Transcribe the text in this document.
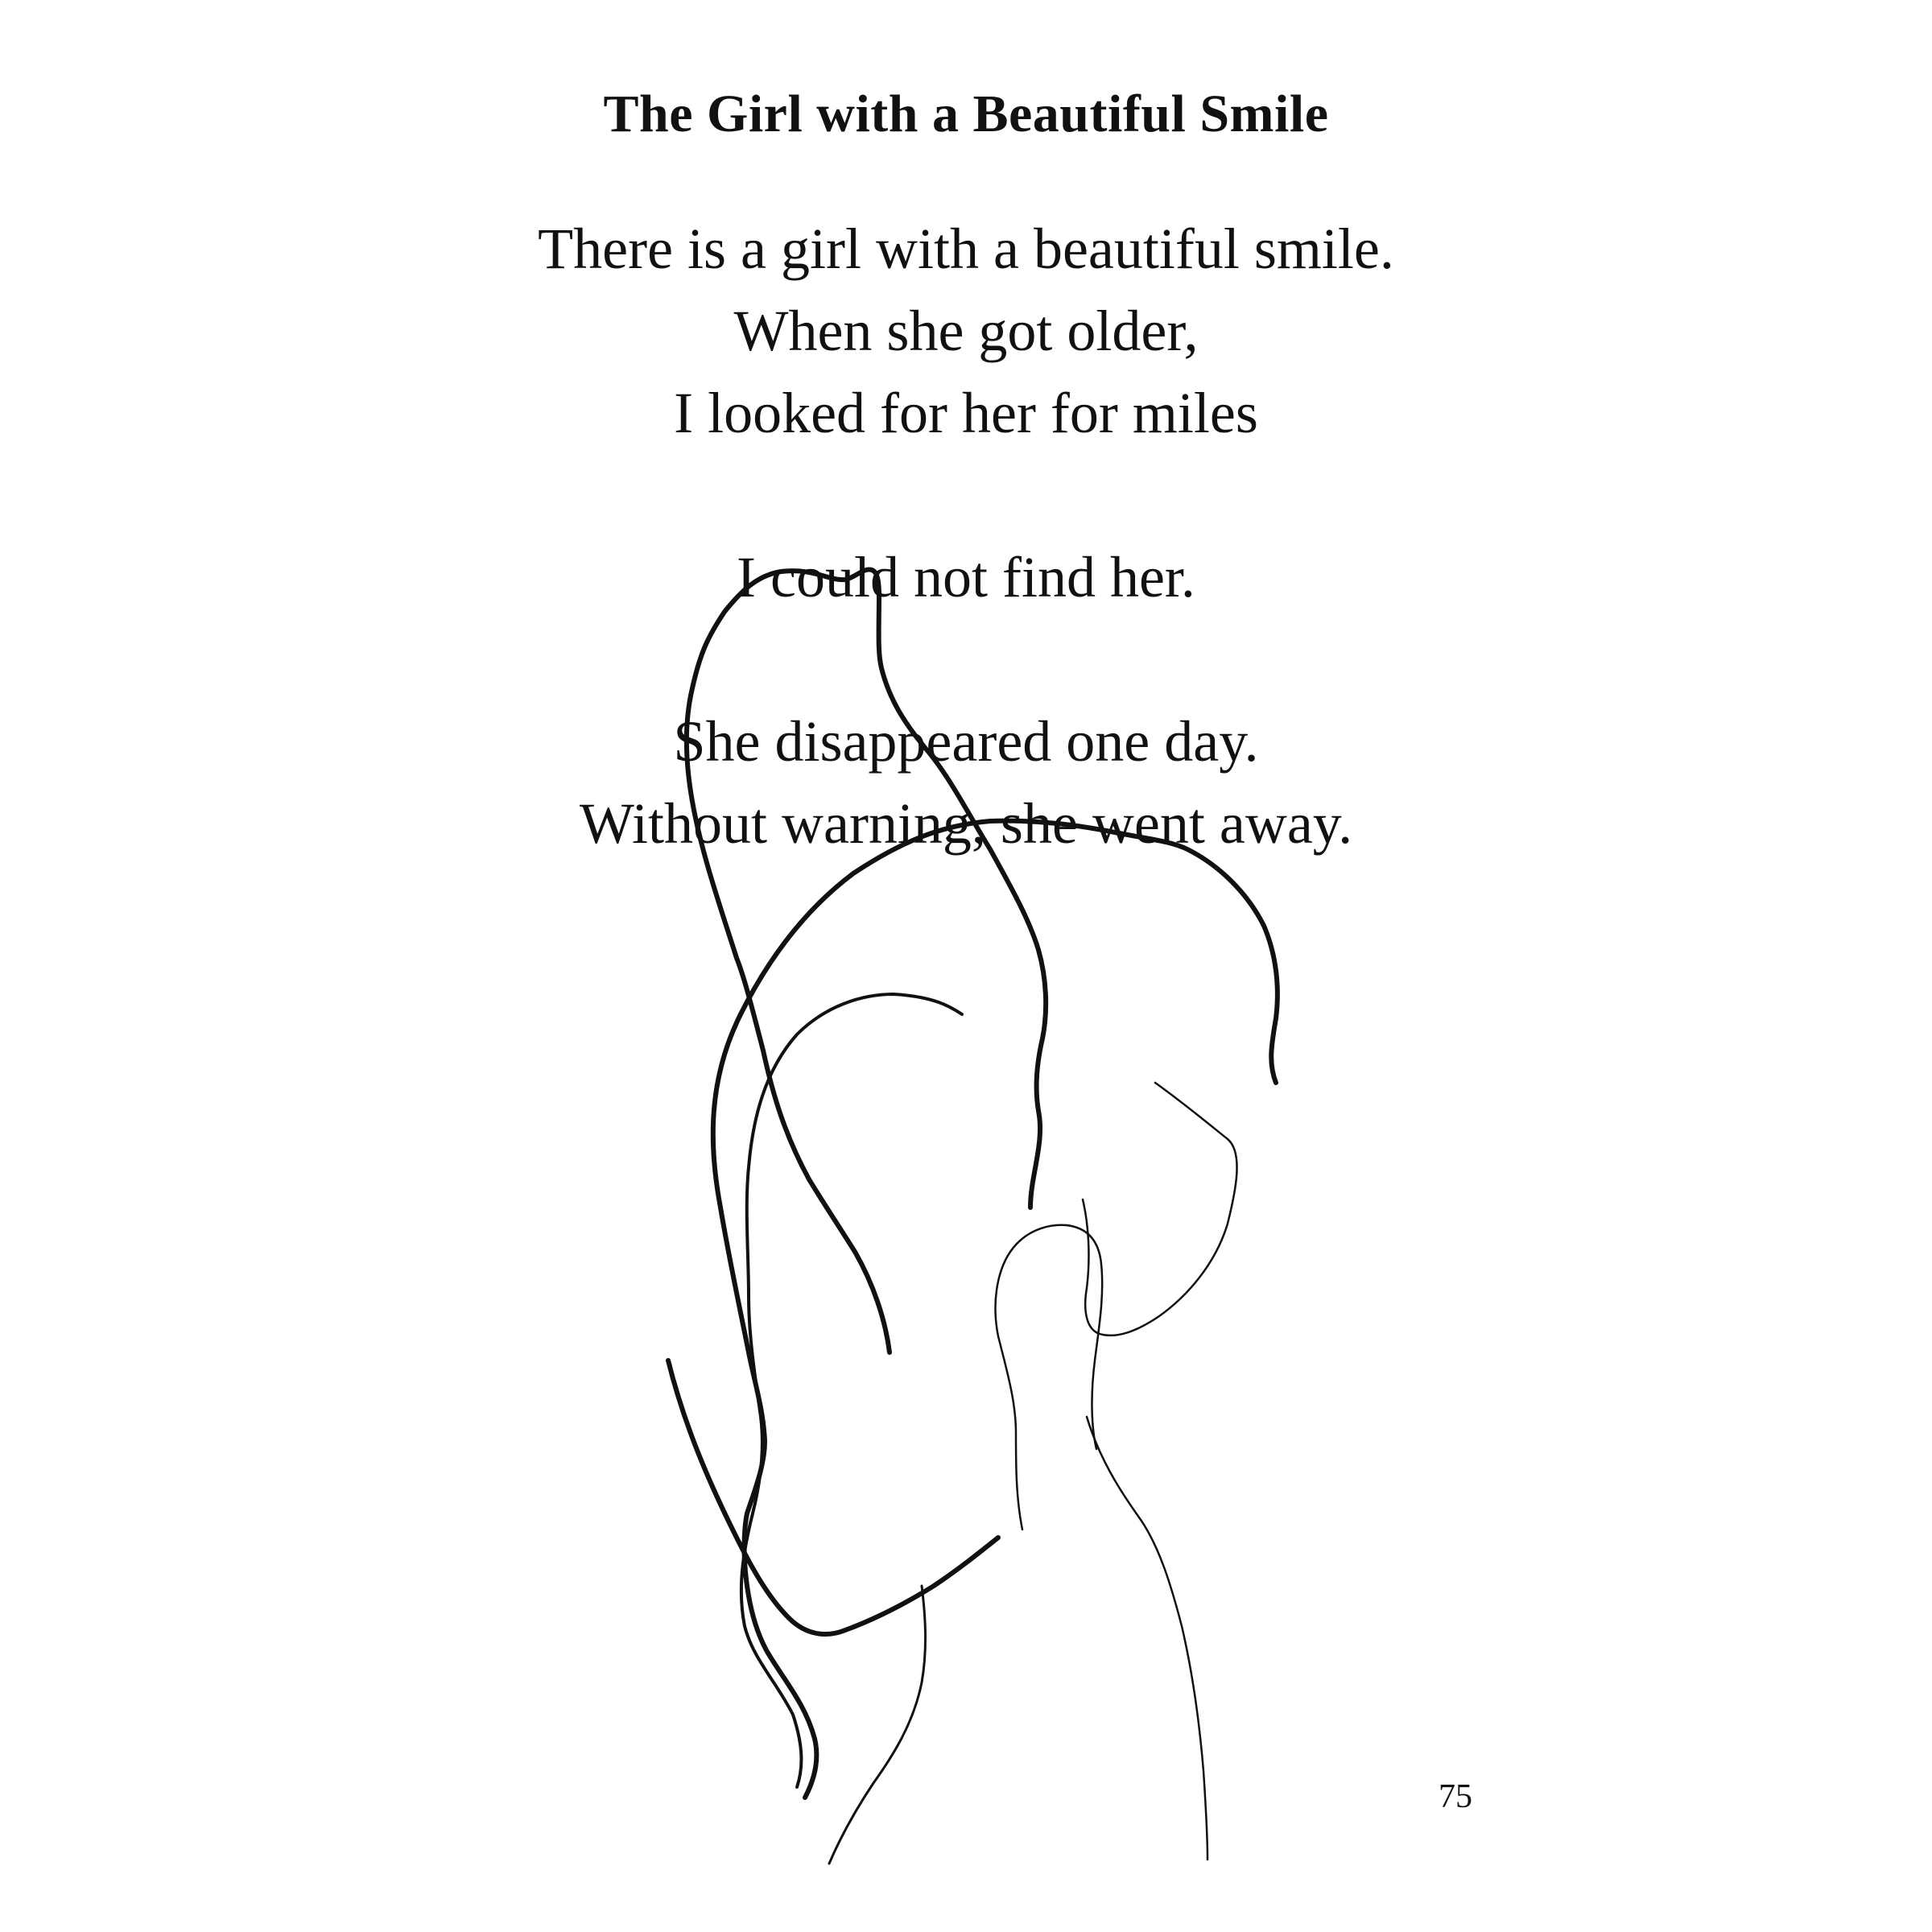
The Girl with a Beautiful Smile
There is a girl with a beautiful smile.
When she got older,
I looked for her for miles
I could not find her.
She disappeared one day.
Without warning, she went away.
75
